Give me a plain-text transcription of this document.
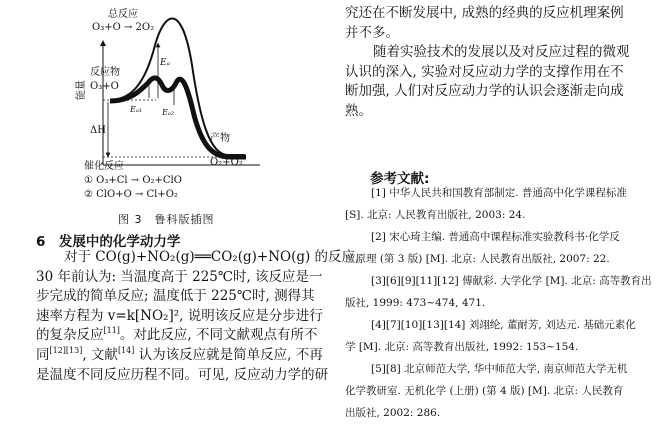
能量
总反应
O₃+O → 2O₂
反应物
O₃+O
Eₐ
Eₐ₁ Eₐ₂
ΔH
产物
O₂+O₂
催化反应
① O₃+Cl → O₂+ClO
② ClO+O → Cl+O₂
图 3　鲁科版插图
6　发展中的化学动力学
对于 CO(g)+NO₂(g)══CO₂(g)+NO(g) 的反应,
30 年前认为: 当温度高于 225℃时, 该反应是一
步完成的简单反应; 温度低于 225℃时, 测得其
速率方程为 v=k[NO₂]², 说明该反应是分步进行
的复杂反应[11]。对此反应, 不同文献观点有所不
同[12][13], 文献[14] 认为该反应就是简单反应, 不再
是温度不同反应历程不同。可见, 反应动力学的研
究还在不断发展中, 成熟的经典的反应机理案例
并不多。
随着实验技术的发展以及对反应过程的微观
认识的深入, 实验对反应动力学的支撑作用在不
断加强, 人们对反应动力学的认识会逐渐走向成
熟。
参考文献:
[1] 中华人民共和国教育部制定. 普通高中化学课程标准
[S]. 北京: 人民教育出版社, 2003: 24.
[2] 宋心琦主编. 普通高中课程标准实验教科书·化学反
应原理 (第 3 版) [M]. 北京: 人民教育出版社, 2007: 22.
[3][6][9][11][12] 傅献彩. 大学化学 [M]. 北京: 高等教育出
版社, 1999: 473~474, 471.
[4][7][10][13][14] 刘翊纶, 董耐芳, 刘达元. 基础元素化
学 [M]. 北京: 高等教育出版社, 1992: 153~154.
[5][8] 北京师范大学, 华中师范大学, 南京师范大学无机
化学教研室. 无机化学 (上册) (第 4 版) [M]. 北京: 人民教育
出版社, 2002: 286.
